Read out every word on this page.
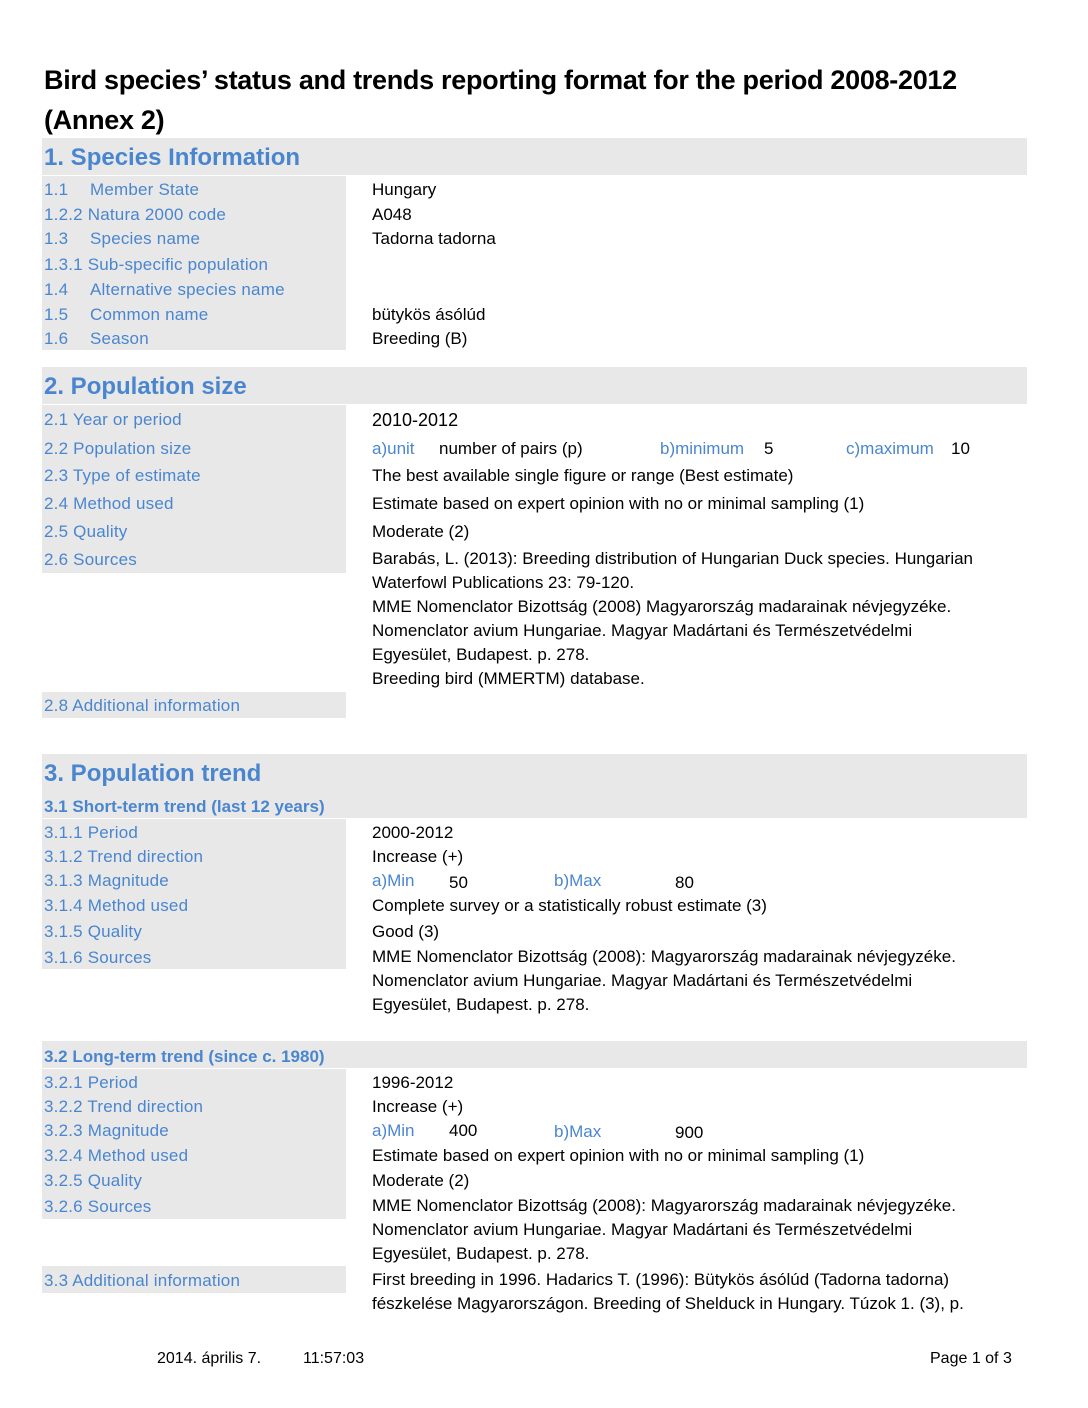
Bird species’ status and trends reporting format for the period 2008-2012
(Annex 2)
1. Species Information
1.1 Member State	Hungary
1.2.2 Natura 2000 code	A048
1.3 Species name	Tadorna tadorna
1.3.1 Sub-specific population
1.4 Alternative species name
1.5 Common name	bütykös ásólúd
1.6 Season	Breeding (B)
2. Population size
2.1 Year or period	2010-2012
2.2 Population size	a)unit number of pairs (p)	b)minimum 5	c)maximum 10
2.3 Type of estimate	The best available single figure or range (Best estimate)
2.4 Method used	Estimate based on expert opinion with no or minimal sampling (1)
2.5 Quality	Moderate (2)
2.6 Sources	Barabás, L. (2013): Breeding distribution of Hungarian Duck species. Hungarian
Waterfowl Publications 23: 79-120.
MME Nomenclator Bizottság (2008) Magyarország madarainak névjegyzéke.
Nomenclator avium Hungariae. Magyar Madártani és Természetvédelmi
Egyesület, Budapest. p. 278.
Breeding bird (MMERTM) database.
2.8 Additional information
3. Population trend
3.1 Short-term trend (last 12 years)
3.1.1 Period	2000-2012
3.1.2 Trend direction	Increase (+)
3.1.3 Magnitude	a)Min 50	b)Max	80
3.1.4 Method used	Complete survey or a statistically robust estimate (3)
3.1.5 Quality	Good (3)
3.1.6 Sources	MME Nomenclator Bizottság (2008): Magyarország madarainak névjegyzéke.
Nomenclator avium Hungariae. Magyar Madártani és Természetvédelmi
Egyesület, Budapest. p. 278.
3.2 Long-term trend (since c. 1980)
3.2.1 Period	1996-2012
3.2.2 Trend direction	Increase (+)
3.2.3 Magnitude	a)Min 400	b)Max	900
3.2.4 Method used	Estimate based on expert opinion with no or minimal sampling (1)
3.2.5 Quality	Moderate (2)
3.2.6 Sources	MME Nomenclator Bizottság (2008): Magyarország madarainak névjegyzéke.
Nomenclator avium Hungariae. Magyar Madártani és Természetvédelmi
Egyesület, Budapest. p. 278.
3.3 Additional information	First breeding in 1996. Hadarics T. (1996): Bütykös ásólúd (Tadorna tadorna)
fészkelése Magyarországon. Breeding of Shelduck in Hungary. Túzok 1. (3), p.
2014. április 7.	11:57:03	Page 1 of 3
